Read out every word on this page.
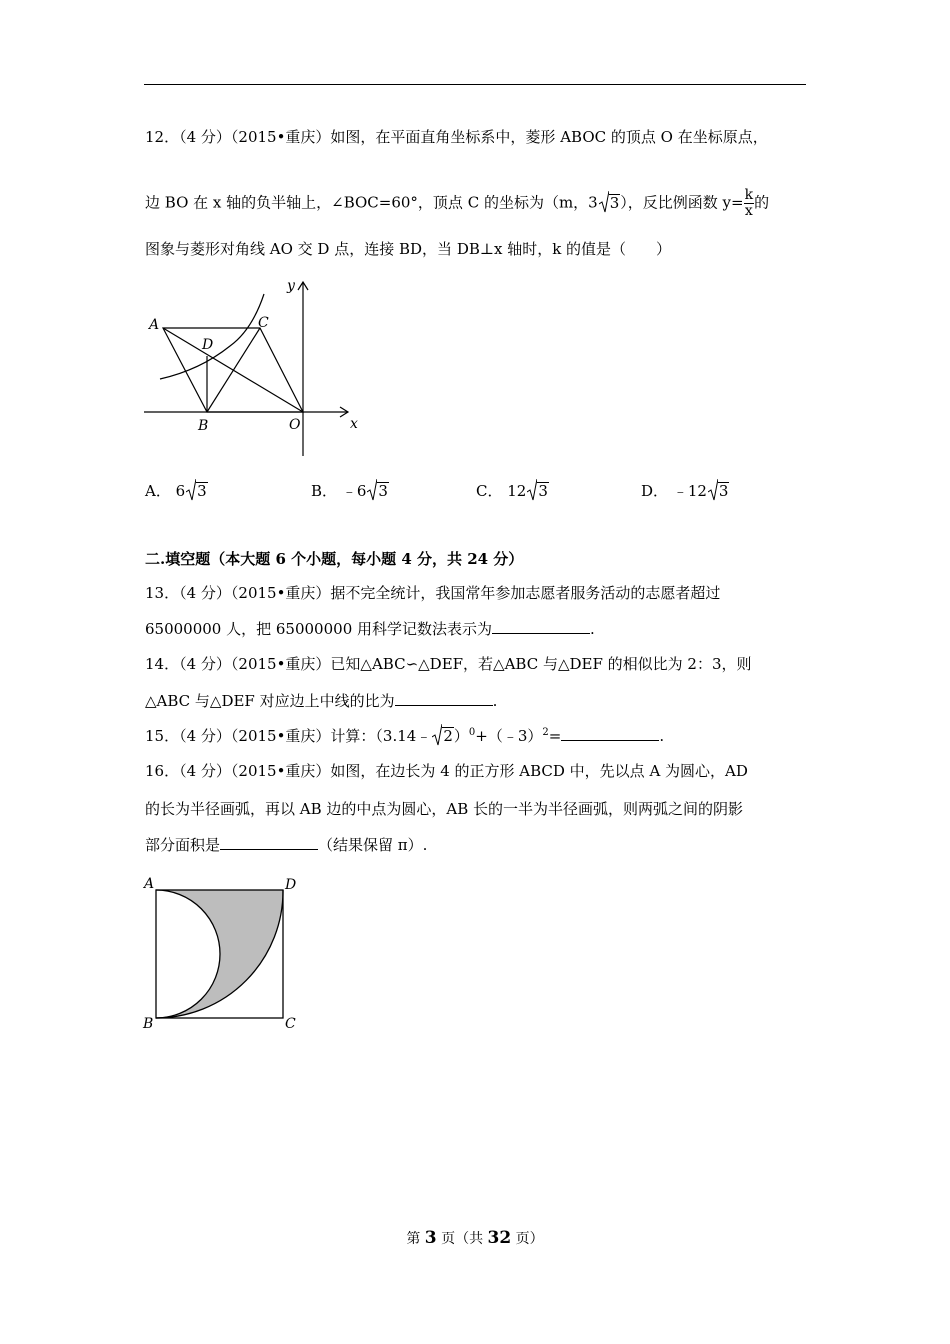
12．（4 分）（2015•重庆）如图，在平面直角坐标系中，菱形 ABOC 的顶点 O 在坐标原点，
边 BO 在 x 轴的负半轴上，∠BOC=60°，顶点 C 的坐标为（m，3 3），反比例函数 $y= \frac{k}{x}$ 的
图象与菱形对角线 AO 交 D 点，连接 BD，当 DB⊥x 轴时，k 的值是（　　）
y
x
A	C
D
B	O
A． 6 3	B． ﹣6 3	C． 12 3	D． ﹣12 3
二.填空题（本大题 6 个小题，每小题 4 分，共 24 分）
13．（4 分）（2015•重庆）据不完全统计，我国常年参加志愿者服务活动的志愿者超过
65000000 人，把 65000000 用科学记数法表示为	.
14．（4 分）（2015•重庆）已知△ABC∽△DEF，若△ABC 与△DEF 的相似比为 2：3，则
△ABC 与△DEF 对应边上中线的比为	.
15．（4 分）（2015•重庆）计算：（3.14﹣ 2）$^0$+（﹣3）$^2$=	.
16．（4 分）（2015•重庆）如图，在边长为 4 的正方形 ABCD 中，先以点 A 为圆心，AD
的长为半径画弧，再以 AB 边的中点为圆心，AB 长的一半为半径画弧，则两弧之间的阴影
部分面积是	（结果保留 π）.
A	D
B	C
第 3 页（共 32 页）
